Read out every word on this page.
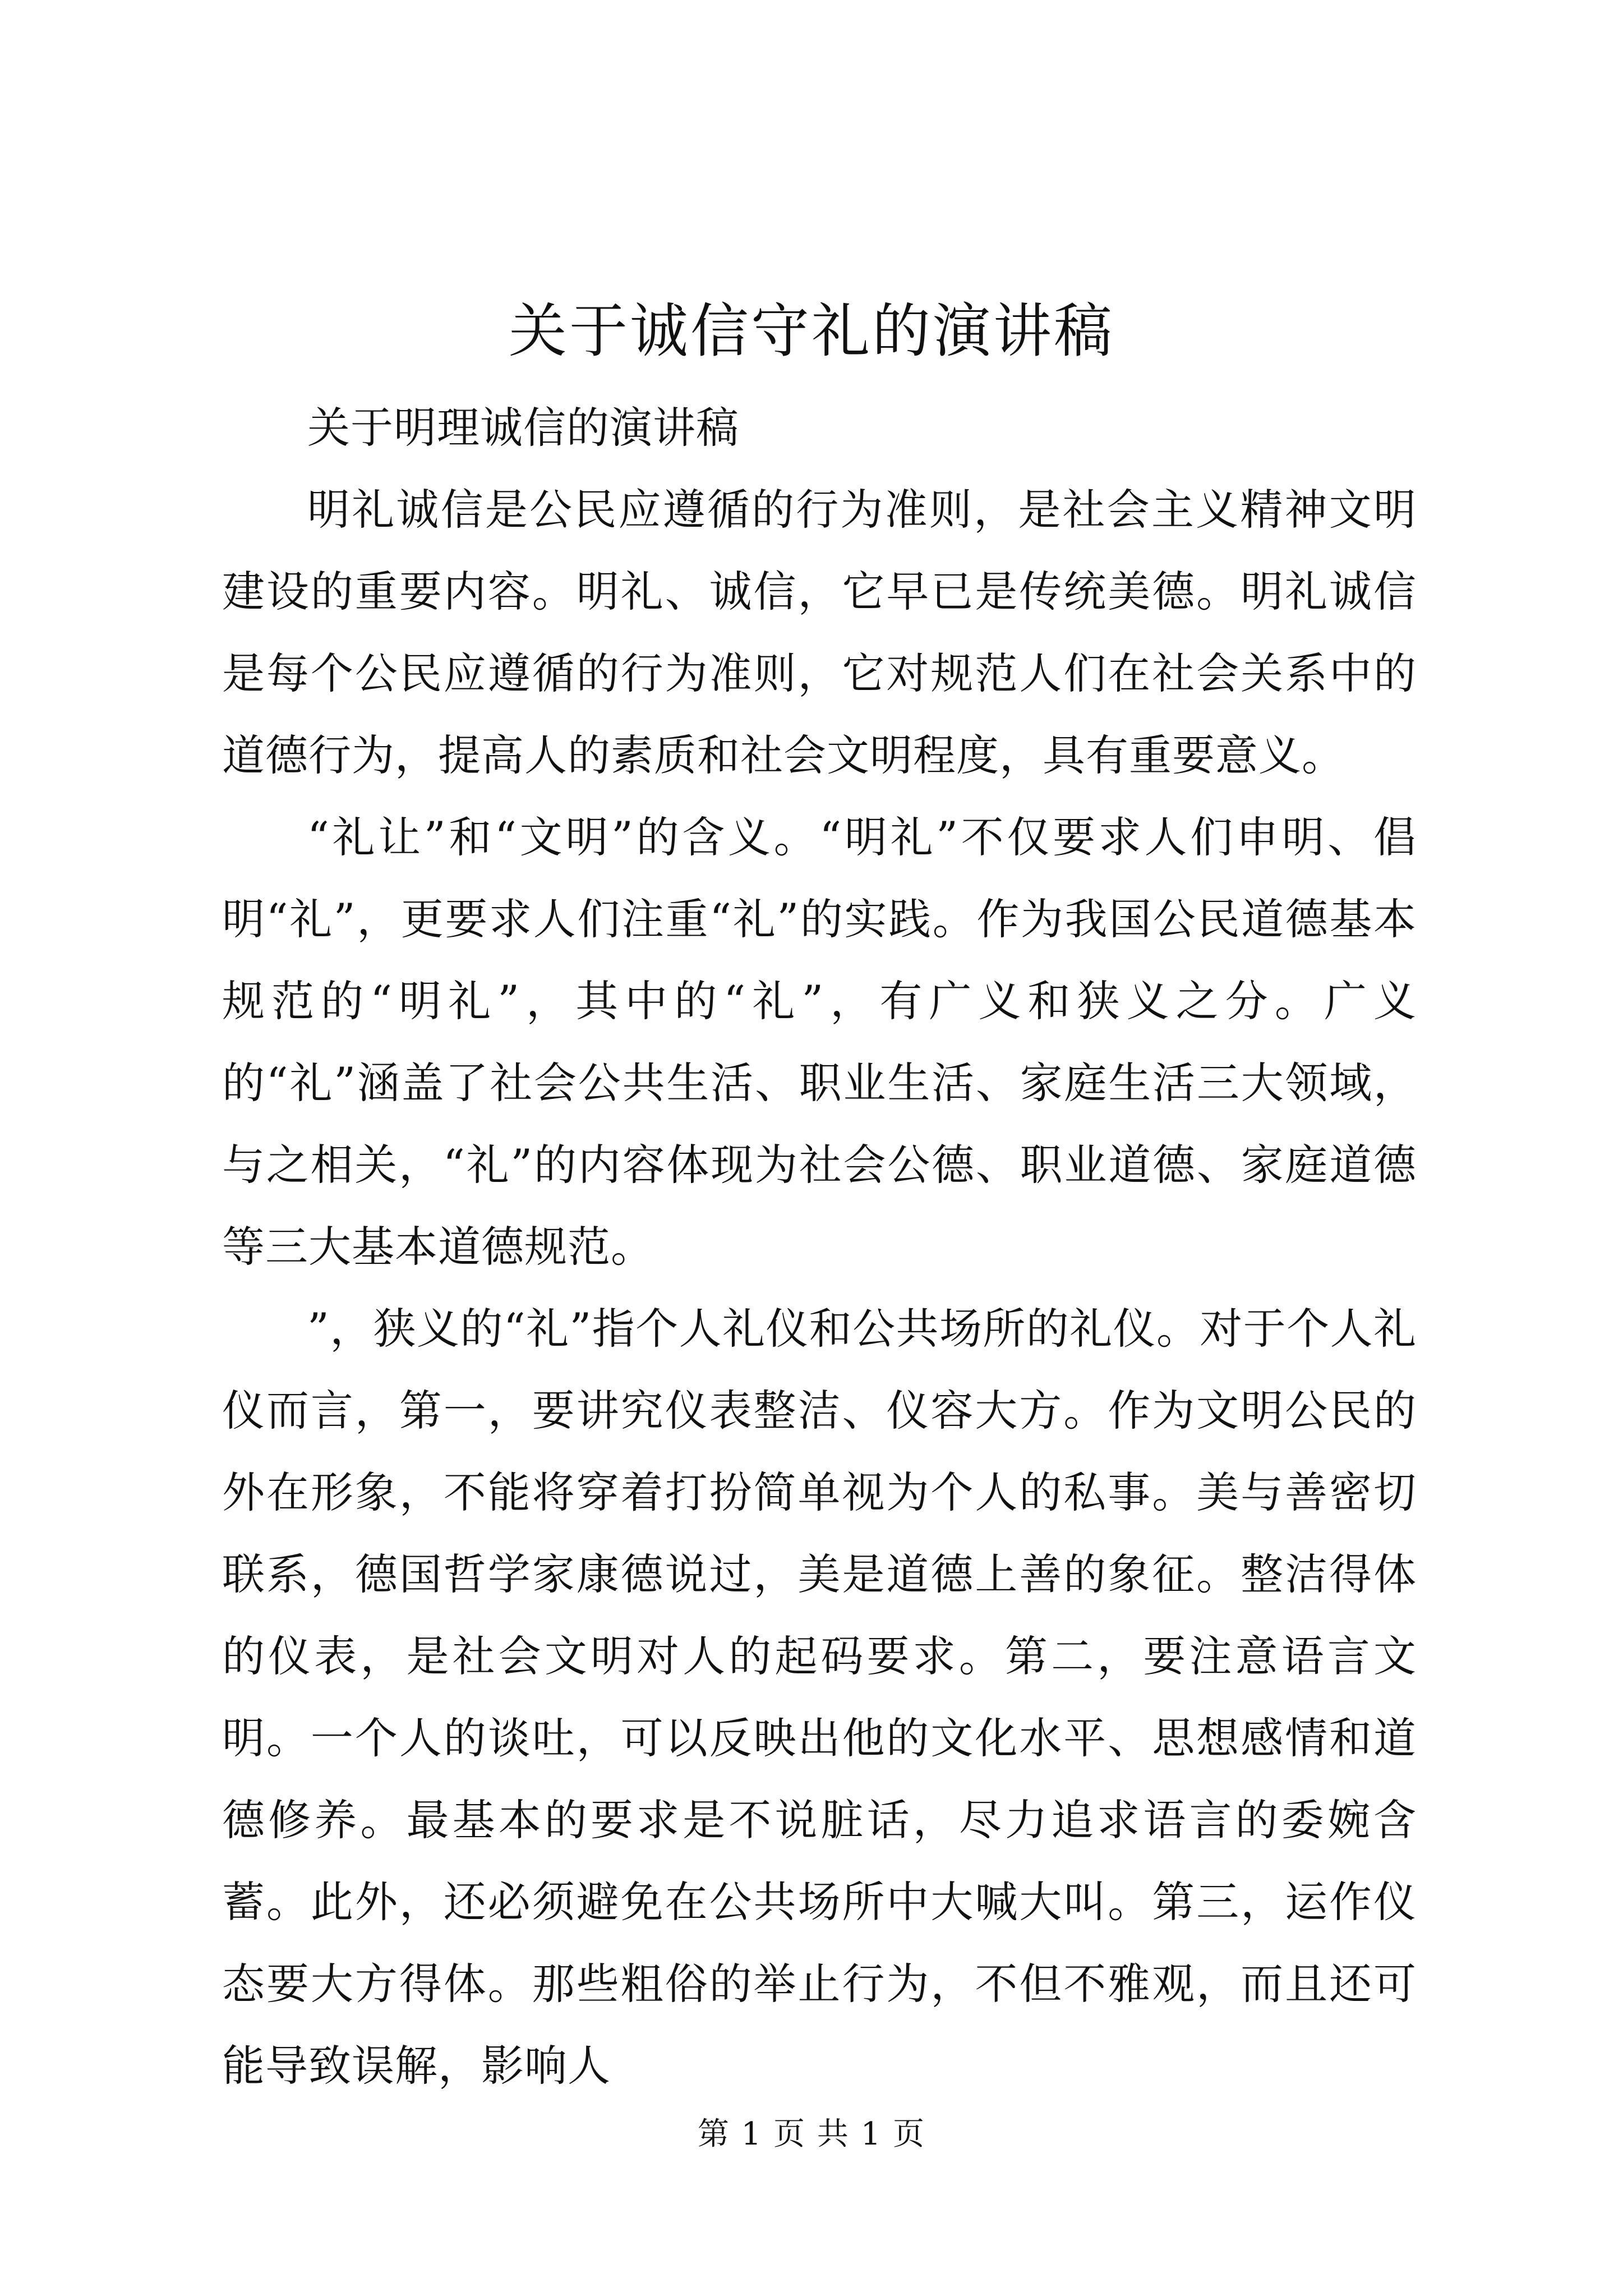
关于诚信守礼的演讲稿

关于明理诚信的演讲稿

明礼诚信是公民应遵循的行为准则，是社会主义精神文明建设的重要内容。明礼、诚信，它早已是传统美德。明礼诚信是每个公民应遵循的行为准则，它对规范人们在社会关系中的道德行为，提高人的素质和社会文明程度，具有重要意义。

“礼让”和“文明”的含义。“明礼”不仅要求人们申明、倡明“礼”，更要求人们注重“礼”的实践。作为我国公民道德基本规范的“明礼”，其中的“礼”，有广义和狭义之分。广义的“礼”涵盖了社会公共生活、职业生活、家庭生活三大领域，与之相关，“礼”的内容体现为社会公德、职业道德、家庭道德等三大基本道德规范。

”，狭义的“礼”指个人礼仪和公共场所的礼仪。对于个人礼仪而言，第一，要讲究仪表整洁、仪容大方。作为文明公民的外在形象，不能将穿着打扮简单视为个人的私事。美与善密切联系，德国哲学家康德说过，美是道德上善的象征。整洁得体的仪表，是社会文明对人的起码要求。第二，要注意语言文明。一个人的谈吐，可以反映出他的文化水平、思想感情和道德修养。最基本的要求是不说脏话，尽力追求语言的委婉含蓄。此外，还必须避免在公共场所中大喊大叫。第三，运作仪态要大方得体。那些粗俗的举止行为，不但不雅观，而且还可能导致误解，影响人

第 1 页 共 1 页
